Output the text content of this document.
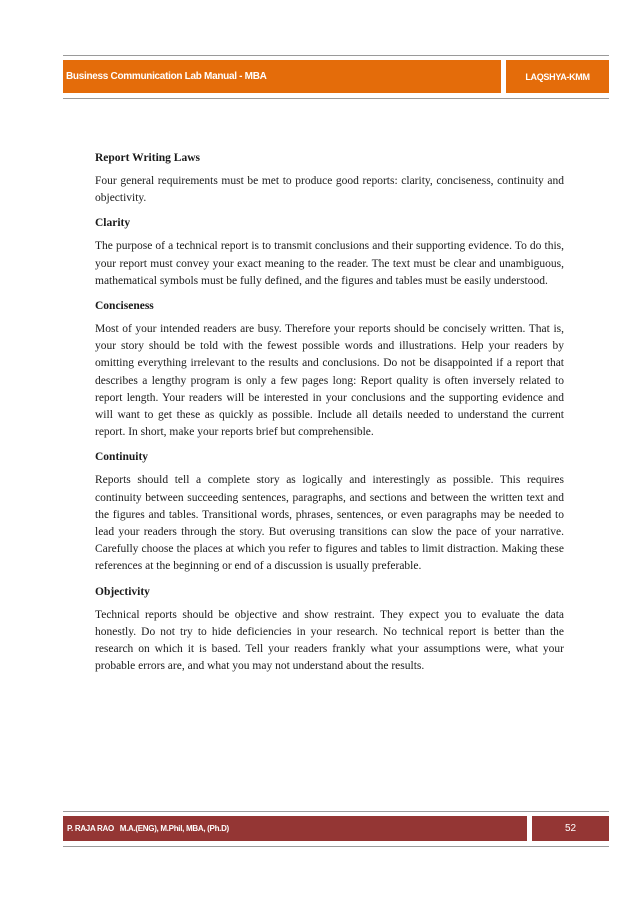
Business Communication Lab Manual - MBA	LAQSHYA-KMM
Report Writing Laws

Four general requirements must be met to produce good reports: clarity, conciseness, continuity and objectivity.

Clarity

The purpose of a technical report is to transmit conclusions and their supporting evidence. To do this, your report must convey your exact meaning to the reader. The text must be clear and unambiguous, mathematical symbols must be fully defined, and the figures and tables must be easily understood.

Conciseness

Most of your intended readers are busy. Therefore your reports should be concisely written. That is, your story should be told with the fewest possible words and illustrations. Help your readers by omitting everything irrelevant to the results and conclusions. Do not be disappointed if a report that describes a lengthy program is only a few pages long: Report quality is often inversely related to report length. Your readers will be interested in your conclusions and the supporting evidence and will want to get these as quickly as possible. Include all details needed to understand the current report. In short, make your reports brief but comprehensible.

Continuity

Reports should tell a complete story as logically and interestingly as possible. This requires continuity between succeeding sentences, paragraphs, and sections and between the written text and the figures and tables. Transitional words, phrases, sentences, or even paragraphs may be needed to lead your readers through the story. But overusing transitions can slow the pace of your narrative. Carefully choose the places at which you refer to figures and tables to limit distraction. Making these references at the beginning or end of a discussion is usually preferable.

Objectivity

Technical reports should be objective and show restraint. They expect you to evaluate the data honestly. Do not try to hide deficiencies in your research. No technical report is better than the research on which it is based. Tell your readers frankly what your assumptions were, what your probable errors are, and what you may not understand about the results.

P. RAJA RAO   M.A.(ENG), M.Phil, MBA, (Ph.D)	52
